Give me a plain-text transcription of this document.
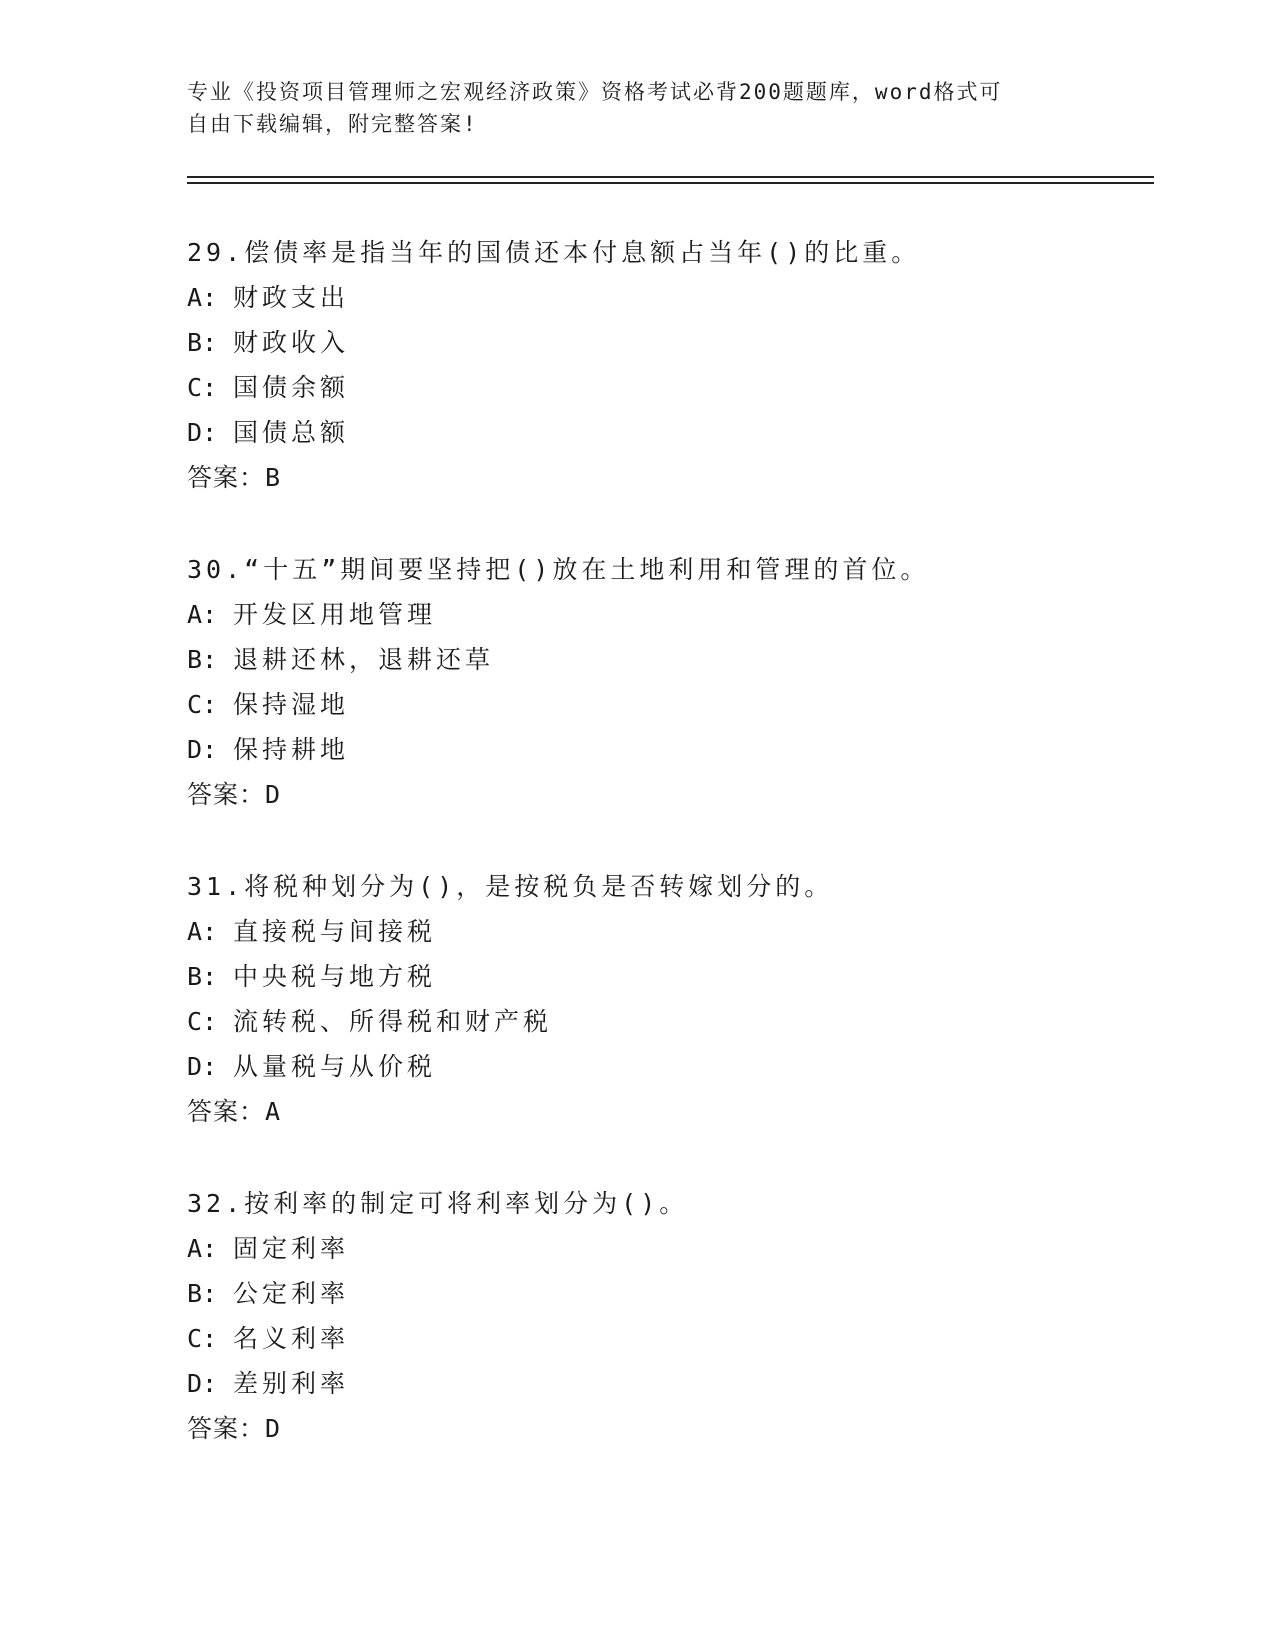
专业《投资项目管理师之宏观经济政策》资格考试必背200题题库，word格式可
自由下载编辑，附完整答案!
29.偿债率是指当年的国债还本付息额占当年()的比重。
A: 财政支出
B: 财政收入
C: 国债余额
D: 国债总额
答案：B
30.“十五”期间要坚持把()放在土地利用和管理的首位。
A: 开发区用地管理
B: 退耕还林，退耕还草
C: 保持湿地
D: 保持耕地
答案：D
31.将税种划分为()，是按税负是否转嫁划分的。
A: 直接税与间接税
B: 中央税与地方税
C: 流转税、所得税和财产税
D: 从量税与从价税
答案：A
32.按利率的制定可将利率划分为()。
A: 固定利率
B: 公定利率
C: 名义利率
D: 差别利率
答案：D
